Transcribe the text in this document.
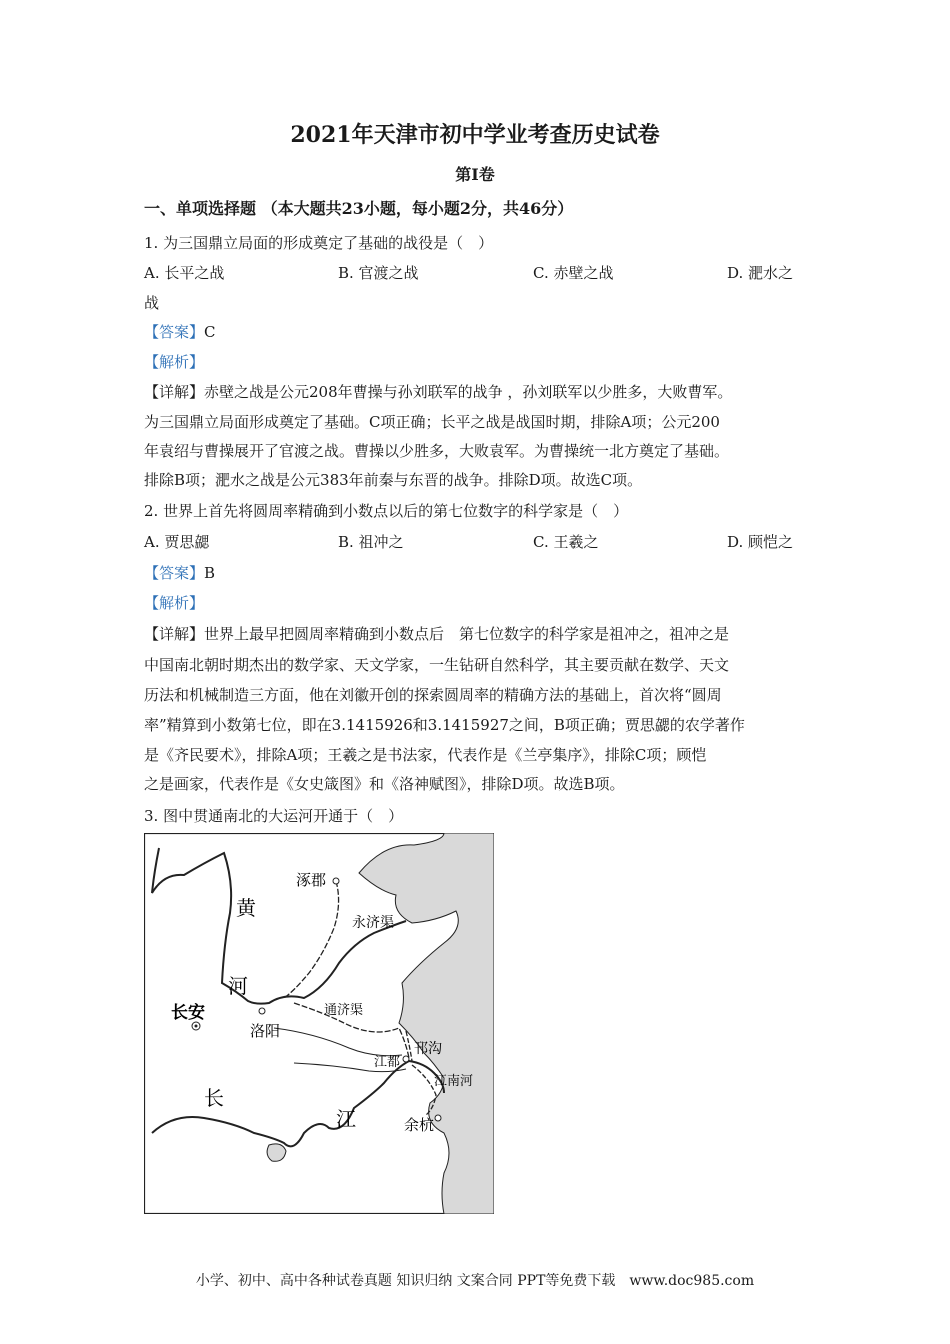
2021年天津市初中学业考查历史试卷
第Ⅰ卷
一、单项选择题 （本大题共23小题，每小题2分，共46分）
1. 为三国鼎立局面的形成奠定了基础的战役是（　）
A. 长平之战	B. 官渡之战	C. 赤壁之战	D. 淝水之
战
【答案】C
【解析】
【详解】赤壁之战是公元208年曹操与孙刘联军的战争 ，孙刘联军以少胜多，大败曹军。
为三国鼎立局面形成奠定了基础。C项正确；长平之战是战国时期，排除A项；公元200
年袁绍与曹操展开了官渡之战。曹操以少胜多，大败袁军。为曹操统一北方奠定了基础。
排除B项；淝水之战是公元383年前秦与东晋的战争。排除D项。故选C项。
2. 世界上首先将圆周率精确到小数点以后的第七位数字的科学家是（　）
A. 贾思勰	B. 祖冲之	C. 王羲之	D. 顾恺之
【答案】B
【解析】
【详解】世界上最早把圆周率精确到小数点后　第七位数字的科学家是祖冲之，祖冲之是
中国南北朝时期杰出的数学家、天文学家，一生钻研自然科学，其主要贡献在数学、天文
历法和机械制造三方面，他在刘徽开创的探索圆周率的精确方法的基础上，首次将“圆周
率”精算到小数第七位，即在3.1415926和3.1415927之间，B项正确；贾思勰的农学著作
是《齐民要术》，排除A项；王羲之是书法家，代表作是《兰亭集序》，排除C项；顾恺
之是画家，代表作是《女史箴图》和《洛神赋图》，排除D项。故选B项。
3. 图中贯通南北的大运河开通于（　）
涿郡
长安
洛阳
江都
余杭
永济渠
通济渠
邗沟
江南河
黄
河
长
江
小学、初中、高中各种试卷真题 知识归纳 文案合同 PPT等免费下载　www.doc985.com
